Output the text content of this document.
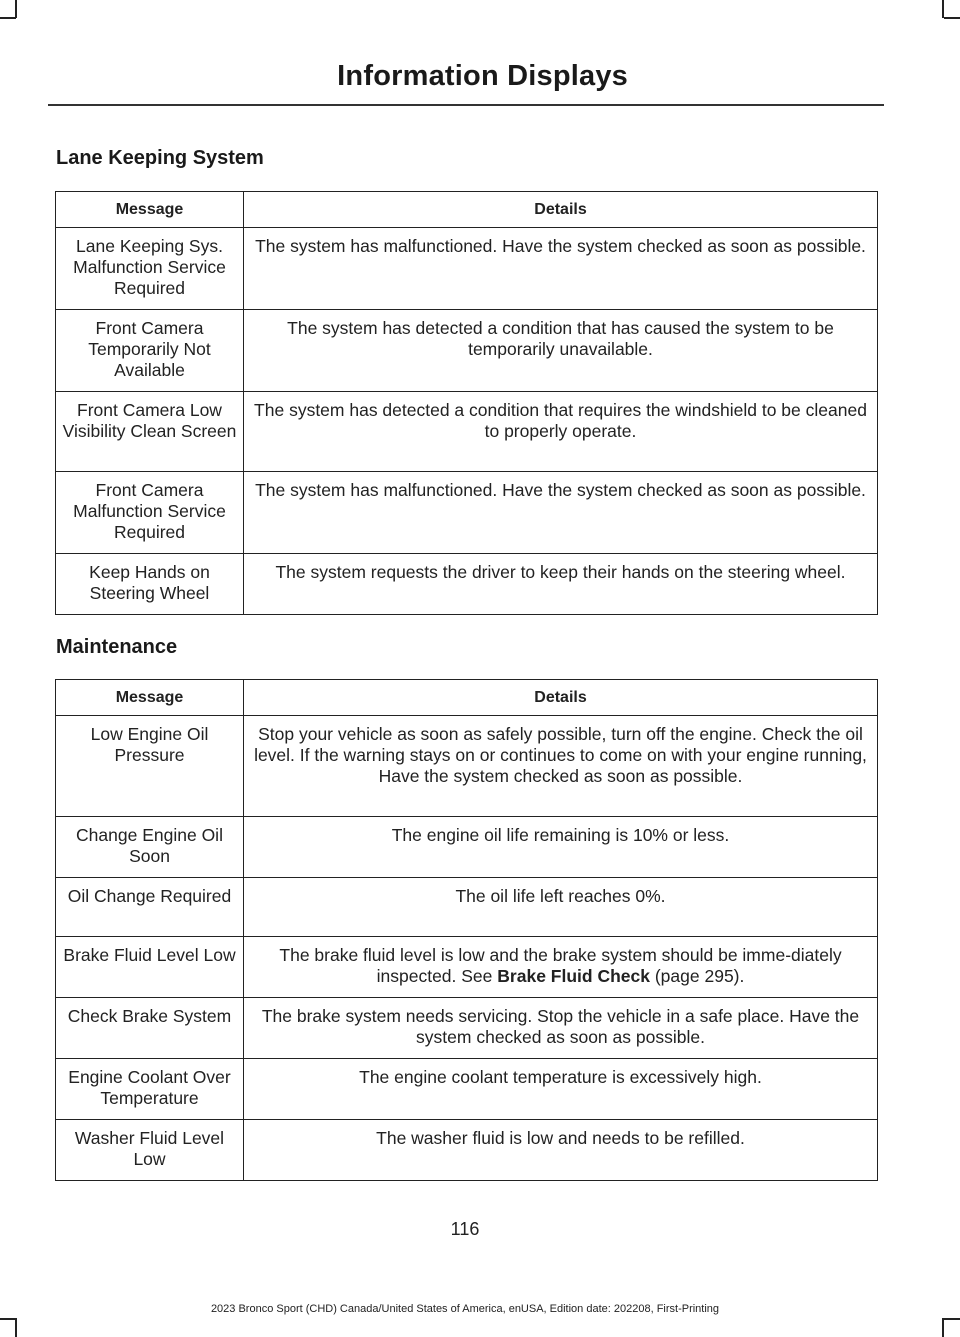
Information Displays
Lane Keeping System
Message	Details
Lane Keeping Sys. Malfunction Service Required	The system has malfunctioned. Have the system checked as soon as possible.
Front Camera Temporarily Not Available	The system has detected a condition that has caused the system to be temporarily unavailable.
Front Camera Low Visibility Clean Screen	The system has detected a condition that requires the windshield to be cleaned to properly operate.
Front Camera Malfunction Service Required	The system has malfunctioned. Have the system checked as soon as possible.
Keep Hands on Steering Wheel	The system requests the driver to keep their hands on the steering wheel.
Maintenance
Message	Details
Low Engine Oil Pressure	Stop your vehicle as soon as safely possible, turn off the engine. Check the oil level. If the warning stays on or continues to come on with your engine running, Have the system checked as soon as possible.
Change Engine Oil Soon	The engine oil life remaining is 10% or less.
Oil Change Required	The oil life left reaches 0%.
Brake Fluid Level Low	The brake fluid level is low and the brake system should be imme-diately inspected. See Brake Fluid Check (page 295).
Check Brake System	The brake system needs servicing. Stop the vehicle in a safe place. Have the system checked as soon as possible.
Engine Coolant Over Temperature	The engine coolant temperature is excessively high.
Washer Fluid Level Low	The washer fluid is low and needs to be refilled.
116
2023 Bronco Sport (CHD) Canada/United States of America, enUSA, Edition date: 202208, First-Printing
